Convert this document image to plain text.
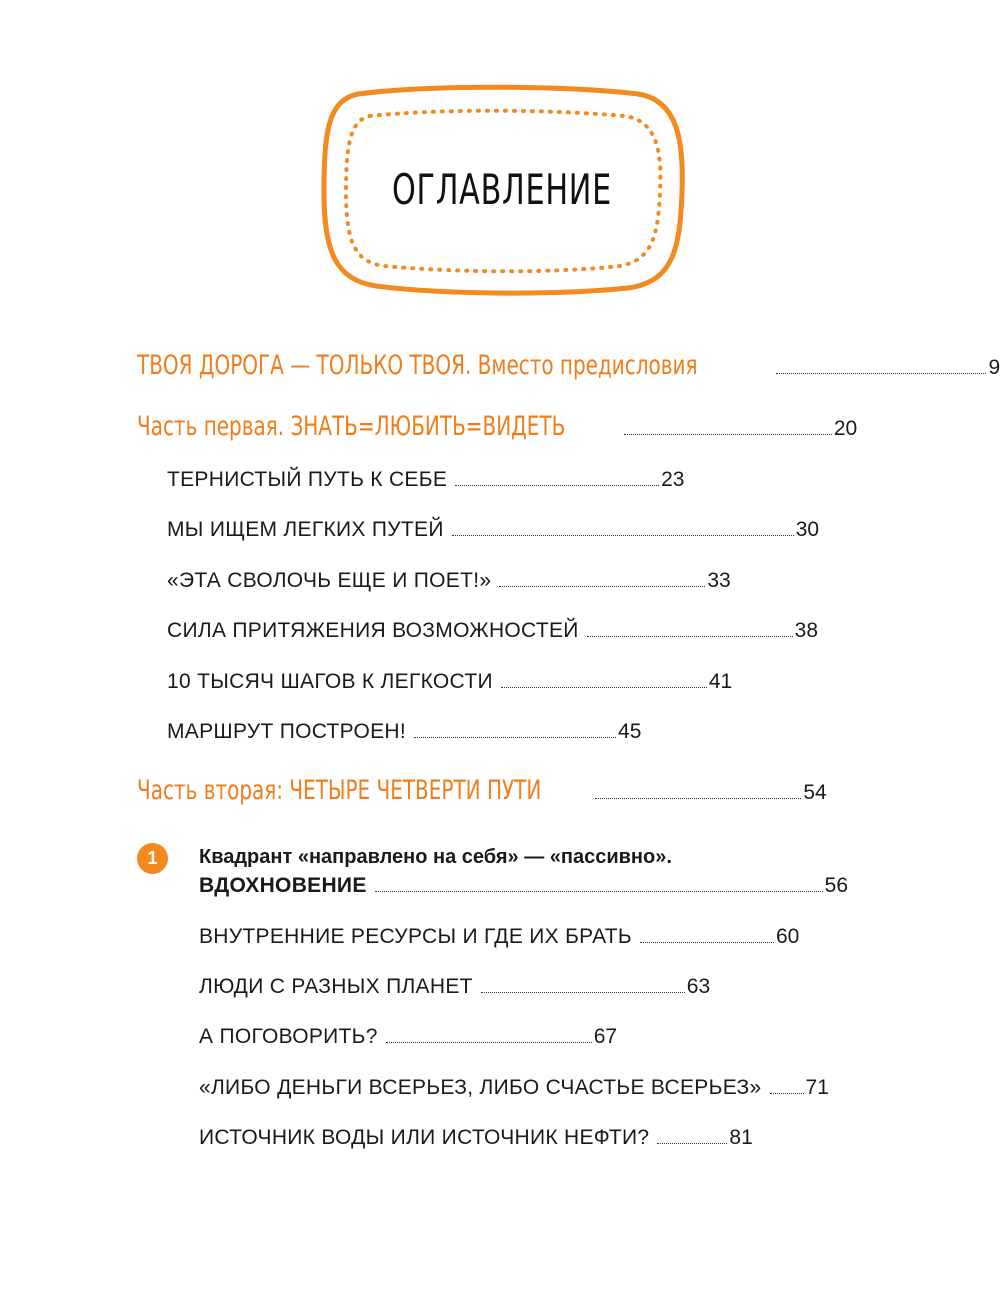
ОГЛАВЛЕНИЕ
ТВОЯ ДОРОГА — ТОЛЬКО ТВОЯ. Вместо предисловия	9
Часть первая. ЗНАТЬ=ЛЮБИТЬ=ВИДЕТЬ	20
ТЕРНИСТЫЙ ПУТЬ К СЕБЕ	23
МЫ ИЩЕМ ЛЕГКИХ ПУТЕЙ	30
«ЭТА СВОЛОЧЬ ЕЩЕ И ПОЕТ!»	33
СИЛА ПРИТЯЖЕНИЯ ВОЗМОЖНОСТЕЙ	38
10 ТЫСЯЧ ШАГОВ К ЛЕГКОСТИ	41
МАРШРУТ ПОСТРОЕН!	45
Часть вторая: ЧЕТЫРЕ ЧЕТВЕРТИ ПУТИ	54
1	Квадрант «направлено на себя» — «пассивно».
ВДОХНОВЕНИЕ	56
ВНУТРЕННИЕ РЕСУРСЫ И ГДЕ ИХ БРАТЬ	60
ЛЮДИ С РАЗНЫХ ПЛАНЕТ	63
А ПОГОВОРИТЬ?	67
«ЛИБО ДЕНЬГИ ВСЕРЬЕЗ, ЛИБО СЧАСТЬЕ ВСЕРЬЕЗ» 71
ИСТОЧНИК ВОДЫ ИЛИ ИСТОЧНИК НЕФТИ?	81
